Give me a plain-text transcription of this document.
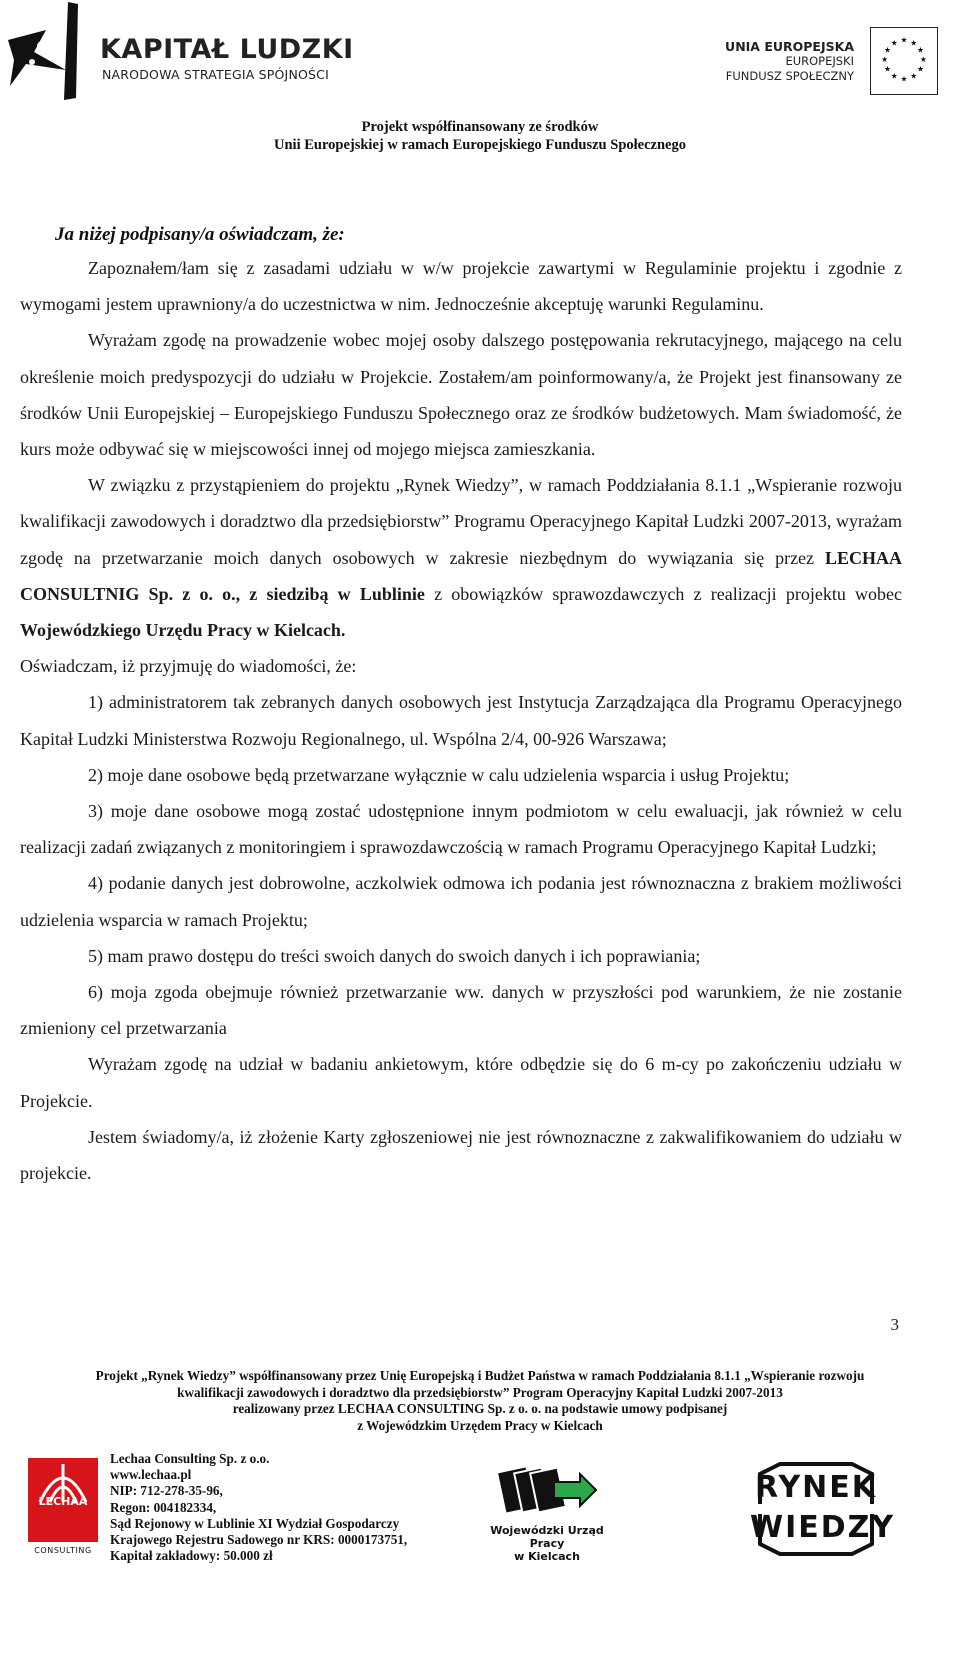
KAPITAŁ LUDZKI
NARODOWA STRATEGIA SPÓJNOŚCI
UNIA EUROPEJSKA
EUROPEJSKI
FUNDUSZ SPOŁECZNY
★ ★
★
★
★
★
★
★
★
★
★
★
Projekt współfinansowany ze środków
Unii Europejskiej w ramach Europejskiego Funduszu Społecznego
Ja niżej podpisany/a oświadczam, że:

Zapoznałem/łam się z zasadami udziału w w/w projekcie zawartymi w Regulaminie projektu i zgodnie z wymogami jestem uprawniony/a do uczestnictwa w nim. Jednocześnie akceptuję warunki Regulaminu.

Wyrażam zgodę na prowadzenie wobec mojej osoby dalszego postępowania rekrutacyjnego, mającego na celu określenie moich predyspozycji do udziału w Projekcie. Zostałem/am poinformowany/a, że Projekt jest finansowany ze środków Unii Europejskiej – Europejskiego Funduszu Społecznego oraz ze środków budżetowych. Mam świadomość, że kurs może odbywać się w miejscowości innej od mojego miejsca zamieszkania.

W związku z przystąpieniem do projektu „Rynek Wiedzy”, w ramach Poddziałania 8.1.1 „Wspieranie rozwoju kwalifikacji zawodowych i doradztwo dla przedsiębiorstw” Programu Operacyjnego Kapitał Ludzki 2007-2013, wyrażam zgodę na przetwarzanie moich danych osobowych w zakresie niezbędnym do wywiązania się przez LECHAA CONSULTNIG Sp. z o. o., z siedzibą w Lublinie z obowiązków sprawozdawczych z realizacji projektu wobec Wojewódzkiego Urzędu Pracy w Kielcach.

Oświadczam, iż przyjmuję do wiadomości, że:

1) administratorem tak zebranych danych osobowych jest Instytucja Zarządzająca dla Programu Operacyjnego Kapitał Ludzki Ministerstwa Rozwoju Regionalnego, ul. Wspólna 2/4, 00-926 Warszawa;

2) moje dane osobowe będą przetwarzane wyłącznie w calu udzielenia wsparcia i usług Projektu;

3) moje dane osobowe mogą zostać udostępnione innym podmiotom w celu ewaluacji, jak również w celu realizacji zadań związanych z monitoringiem i sprawozdawczością w ramach Programu Operacyjnego Kapitał Ludzki;

4) podanie danych jest dobrowolne, aczkolwiek odmowa ich podania jest równoznaczna z brakiem możliwości udzielenia wsparcia w ramach Projektu;

5) mam prawo dostępu do treści swoich danych do swoich danych i ich poprawiania;

6) moja zgoda obejmuje również przetwarzanie ww. danych w przyszłości pod warunkiem, że nie zostanie zmieniony cel przetwarzania

Wyrażam zgodę na udział w badaniu ankietowym, które odbędzie się do 6 m-cy po zakończeniu udziału w Projekcie.

Jestem świadomy/a, iż złożenie Karty zgłoszeniowej nie jest równoznaczne z zakwalifikowaniem do udziału w projekcie.

3
Projekt „Rynek Wiedzy” współfinansowany przez Unię Europejską i Budżet Państwa w ramach Poddziałania 8.1.1 „Wspieranie rozwoju
kwalifikacji zawodowych i doradztwo dla przedsiębiorstw” Program Operacyjny Kapitał Ludzki 2007-2013
realizowany przez LECHAA CONSULTING Sp. z o. o. na podstawie umowy podpisanej
z Wojewódzkim Urzędem Pracy w Kielcach
LECHAA
CONSULTING
Lechaa Consulting Sp. z o.o.
www.lechaa.pl
NIP: 712-278-35-96,
Regon: 004182334,
Sąd Rejonowy w Lublinie XI Wydział Gospodarczy
Krajowego Rejestru Sadowego nr KRS: 0000173751,
Kapitał zakładowy: 50.000 zł
Wojewódzki Urząd Pracy
w Kielcach
RYNEK
WIEDZY
